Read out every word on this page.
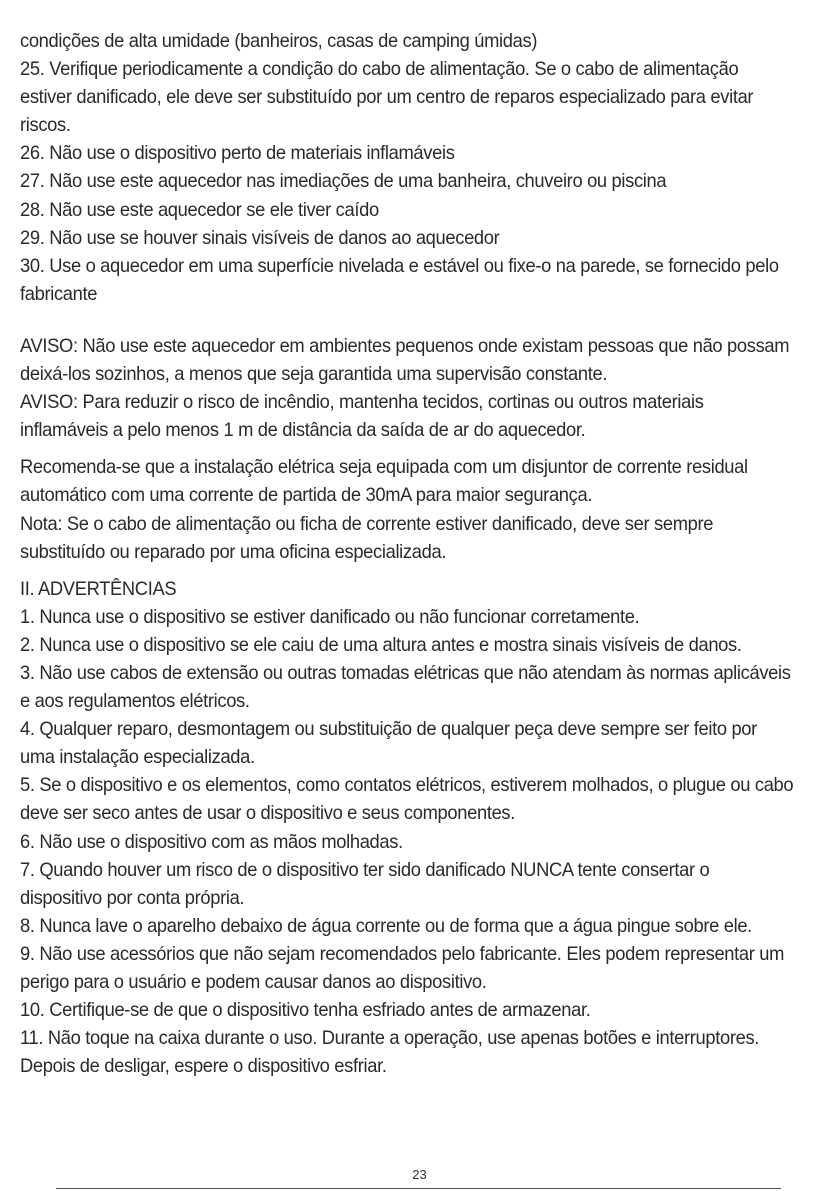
condições de alta umidade (banheiros, casas de camping úmidas)

25. Verifique periodicamente a condição do cabo de alimentação. Se o cabo de alimentação estiver danificado, ele deve ser substituído por um centro de reparos especializado para evitar riscos.

26. Não use o dispositivo perto de materiais inflamáveis

27. Não use este aquecedor nas imediações de uma banheira, chuveiro ou piscina

28. Não use este aquecedor se ele tiver caído

29. Não use se houver sinais visíveis de danos ao aquecedor

30. Use o aquecedor em uma superfície nivelada e estável ou fixe-o na parede, se fornecido pelo fabricante

AVISO: Não use este aquecedor em ambientes pequenos onde existam pessoas que não possam deixá-los sozinhos, a menos que seja garantida uma supervisão constante.

AVISO: Para reduzir o risco de incêndio, mantenha tecidos, cortinas ou outros materiais inflamáveis a pelo menos 1 m de distância da saída de ar do aquecedor.

Recomenda-se que a instalação elétrica seja equipada com um disjuntor de corrente residual automático com uma corrente de partida de 30mA para maior segurança.

Nota: Se o cabo de alimentação ou ficha de corrente estiver danificado, deve ser sempre substituído ou reparado por uma oficina especializada.

II. ADVERTÊNCIAS

1. Nunca use o dispositivo se estiver danificado ou não funcionar corretamente.

2. Nunca use o dispositivo se ele caiu de uma altura antes e mostra sinais visíveis de danos.

3. Não use cabos de extensão ou outras tomadas elétricas que não atendam às normas aplicáveis   e aos regulamentos elétricos.

4. Qualquer reparo, desmontagem ou substituição de qualquer peça deve sempre ser feito por uma instalação especializada.

5. Se o dispositivo e os elementos, como contatos elétricos, estiverem molhados, o plugue ou cabo deve ser seco antes de usar o dispositivo e seus componentes.

6. Não use o dispositivo com as mãos molhadas.

7. Quando houver um risco de o dispositivo ter sido danificado NUNCA tente consertar o dispositivo por conta própria.

8. Nunca lave o aparelho debaixo de água corrente ou de forma que a água pingue sobre ele.

9. Não use acessórios que não sejam recomendados pelo fabricante. Eles podem representar um perigo para o usuário e podem causar danos ao dispositivo.

10. Certifique-se de que o dispositivo tenha esfriado antes de armazenar.

11. Não toque na caixa durante o uso. Durante a operação, use apenas botões e interruptores. Depois de desligar, espere o dispositivo esfriar.

23
